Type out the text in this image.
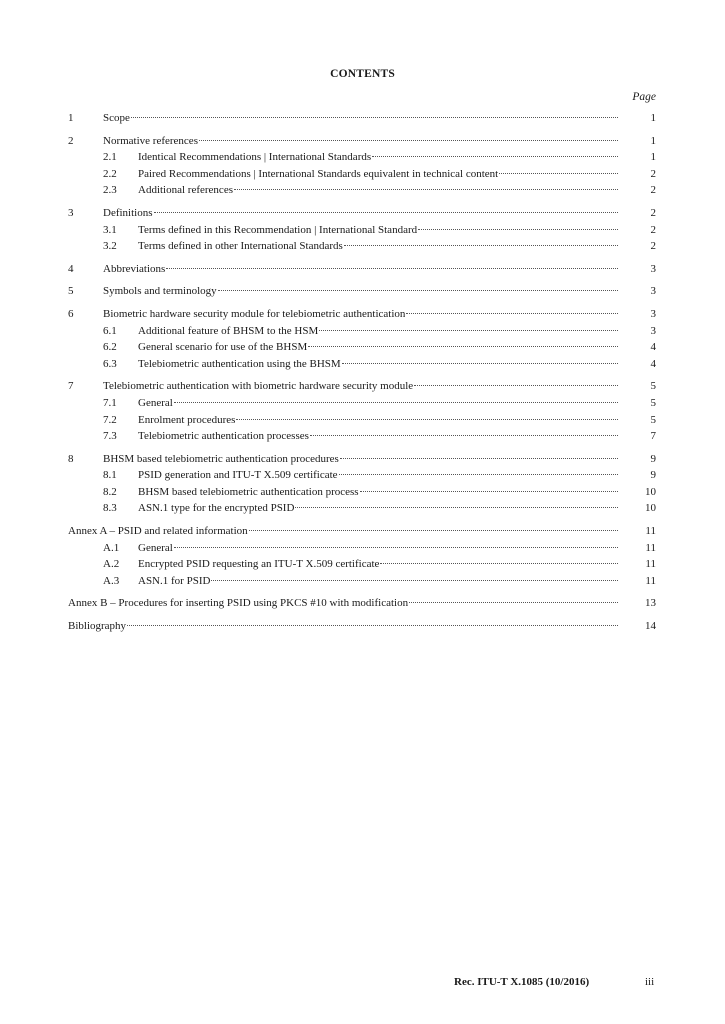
CONTENTS
Page
1	Scope	1
2	Normative references	1
2.1	Identical Recommendations | International Standards	1
2.2	Paired Recommendations | International Standards equivalent in technical content	2
2.3	Additional references	2
3	Definitions	2
3.1	Terms defined in this Recommendation | International Standard	2
3.2	Terms defined in other International Standards	2
4	Abbreviations	3
5	Symbols and terminology	3
6	Biometric hardware security module for telebiometric authentication	3
6.1	Additional feature of BHSM to the HSM	3
6.2	General scenario for use of the BHSM	4
6.3	Telebiometric authentication using the BHSM	4
7	Telebiometric authentication with biometric hardware security module	5
7.1	General	5
7.2	Enrolment procedures	5
7.3	Telebiometric authentication processes	7
8	BHSM based telebiometric authentication procedures	9
8.1	PSID generation and ITU-T X.509 certificate	9
8.2	BHSM based telebiometric authentication process	10
8.3	ASN.1 type for the encrypted PSID	10
Annex A – PSID and related information	11
A.1	General	11
A.2	Encrypted PSID requesting an ITU-T X.509 certificate	11
A.3	ASN.1 for PSID	11
Annex B – Procedures for inserting PSID using PKCS #10 with modification	13
Bibliography	14
Rec. ITU-T X.1085 (10/2016)	iii
